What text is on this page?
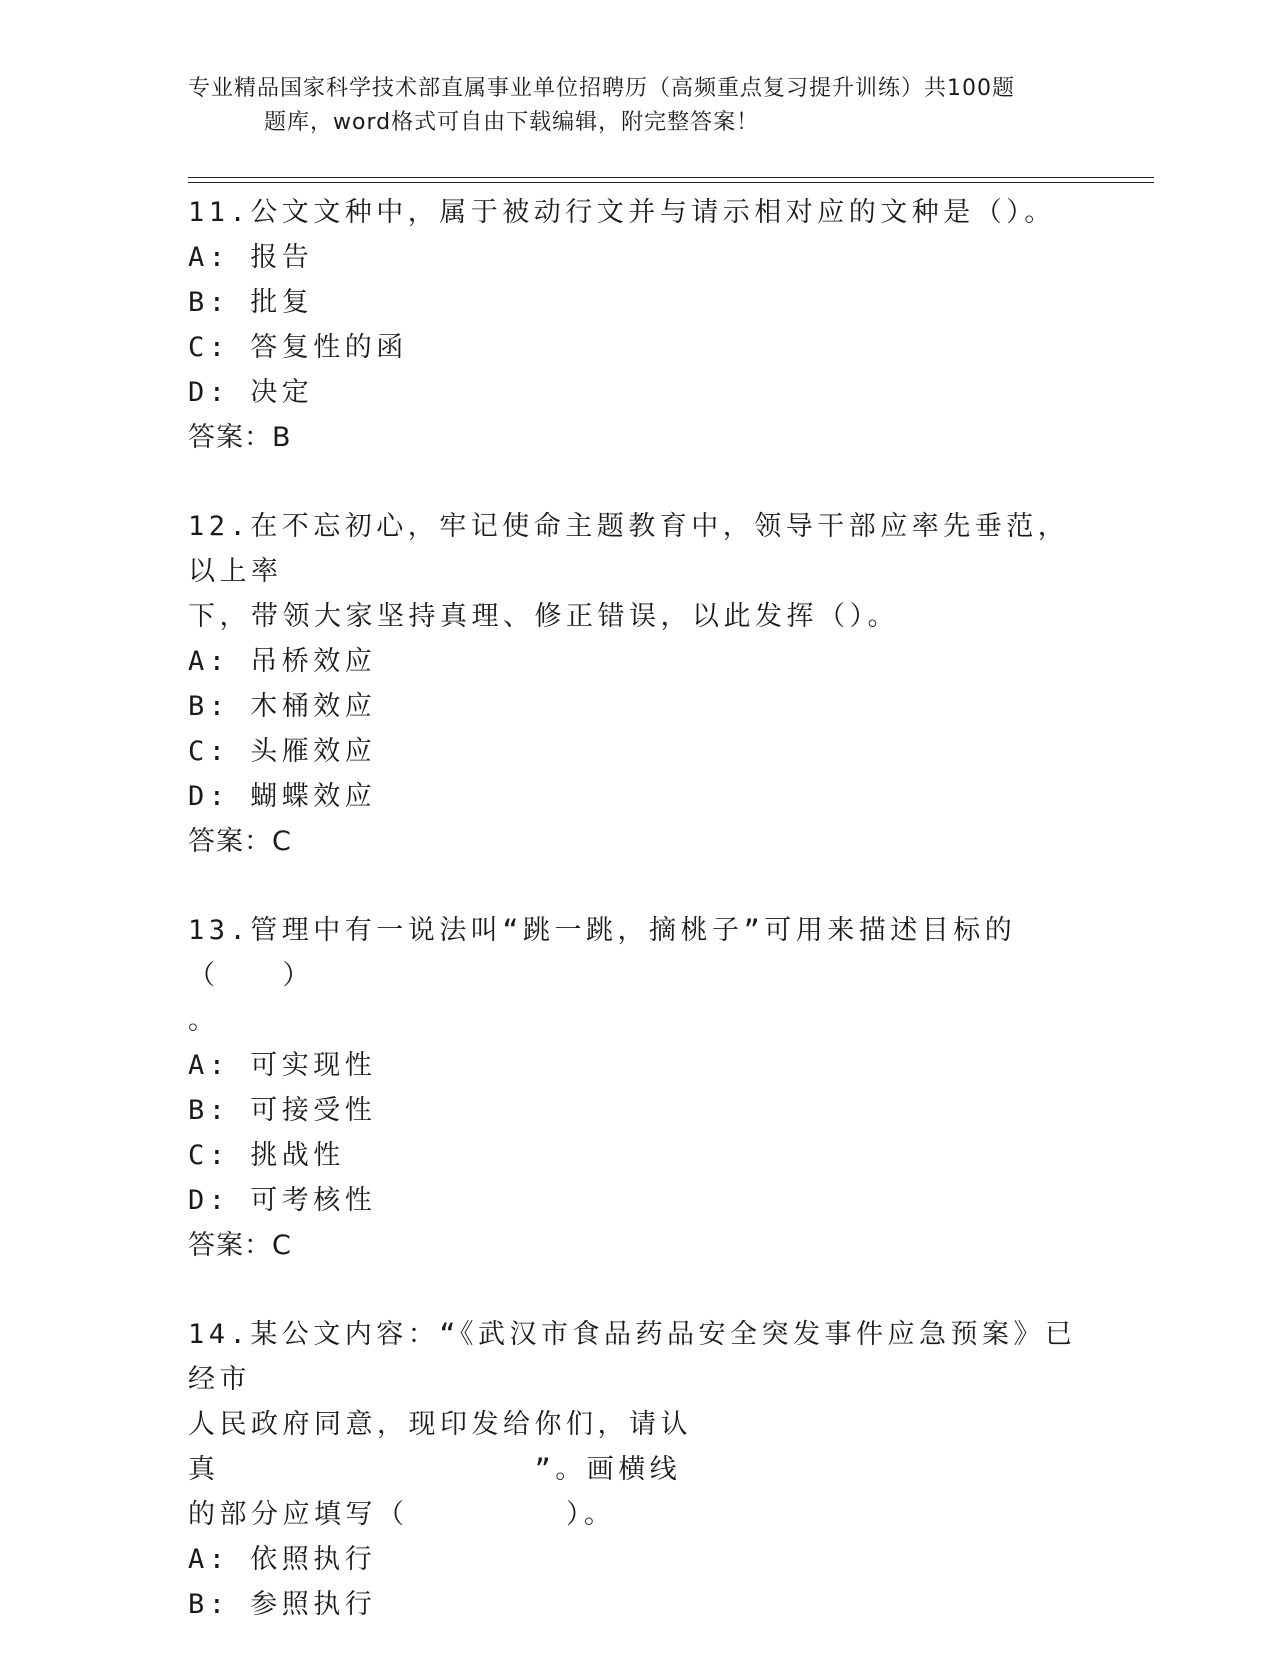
专业精品国家科学技术部直属事业单位招聘历（高频重点复习提升训练）共100题
题库，word格式可自由下载编辑，附完整答案！
11.公文文种中，属于被动行文并与请示相对应的文种是（）。
A: 报告
B: 批复
C: 答复性的函
D: 决定
答案：B
12.在不忘初心，牢记使命主题教育中，领导干部应率先垂范，以上率
下，带领大家坚持真理、修正错误，以此发挥（）。
A: 吊桥效应
B: 木桶效应
C: 头雁效应
D: 蝴蝶效应
答案：C
13.管理中有一说法叫“跳一跳，摘桃子”可用来描述目标的（　　）
。
A: 可实现性
B: 可接受性
C: 挑战性
D: 可考核性
答案：C
14.某公文内容：“《武汉市食品药品安全突发事件应急预案》已经市
人民政府同意，现印发给你们，请认真　　　　　　　　　　”。画横线
的部分应填写（　　　　　）。
A: 依照执行
B: 参照执行
